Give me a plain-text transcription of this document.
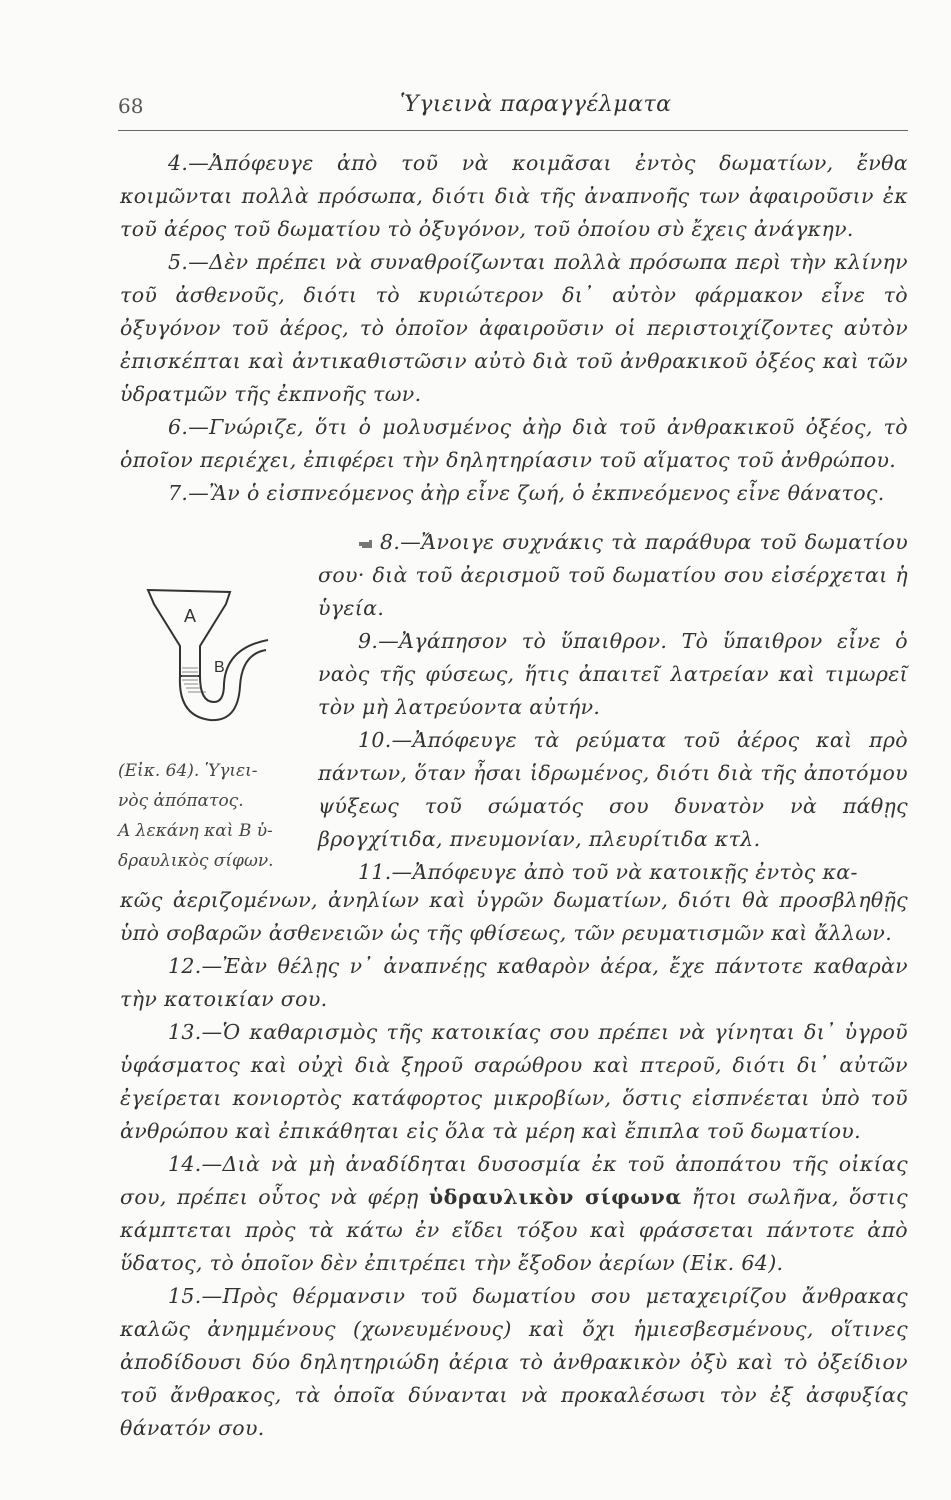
68	Ὑγιεινὰ παραγγέλματα

4.—Ἀπόφευγε ἀπὸ τοῦ νὰ κοιμᾶσαι ἐντὸς δωματίων, ἔνθα κοιμῶνται πολλὰ πρόσωπα, διότι διὰ τῆς ἀναπνοῆς των ἀφαιροῦσιν ἐκ τοῦ ἀέρος τοῦ δωματίου τὸ ὀξυγόνον, τοῦ ὁποίου σὺ ἔχεις ἀνάγκην.

5.—Δὲν πρέπει νὰ συναθροίζωνται πολλὰ πρόσωπα περὶ τὴν κλίνην τοῦ ἀσθενοῦς, διότι τὸ κυριώτερον δι᾽ αὐτὸν φάρμακον εἶνε τὸ ὀξυγόνον τοῦ ἀέρος, τὸ ὁποῖον ἀφαιροῦσιν οἱ περιστοιχίζοντες αὐτὸν ἐπισκέπται καὶ ἀντικαθιστῶσιν αὐτὸ διὰ τοῦ ἀνθρακικοῦ ὀξέος καὶ τῶν ὑδρατμῶν τῆς ἐκπνοῆς των.

6.—Γνώριζε, ὅτι ὁ μολυσμένος ἀὴρ διὰ τοῦ ἀνθρακικοῦ ὀξέος, τὸ ὁποῖον περιέχει, ἐπιφέρει τὴν δηλητηρίασιν τοῦ αἵματος τοῦ ἀνθρώπου.

7.—Ἂν ὁ εἰσπνεόμενος ἀὴρ εἶνε ζωή, ὁ ἐκπνεόμενος εἶνε θάνατος.

A
B
(Εἰκ. 64). Ὑγιει-
νὸς ἀπόπατος.
Α λεκάνη καὶ Β ὑ-
δραυλικὸς σίφων.

8.—Ἄνοιγε συχνάκις τὰ παράθυρα τοῦ δωματίου σου· διὰ τοῦ ἀερισμοῦ τοῦ δωματίου σου εἰσέρχεται ἡ ὑγεία.

9.—Ἀγάπησον τὸ ὕπαιθρον. Τὸ ὕπαιθρον εἶνε ὁ ναὸς τῆς φύσεως, ἥτις ἀπαιτεῖ λατρείαν καὶ τιμωρεῖ τὸν μὴ λατρεύοντα αὐτήν.

10.—Ἀπόφευγε τὰ ρεύματα τοῦ ἀέρος καὶ πρὸ πάντων, ὅταν ἦσαι ἱδρωμένος, διότι διὰ τῆς ἀποτόμου ψύξεως τοῦ σώματός σου δυνατὸν νὰ πάθῃς βρογχίτιδα, πνευμονίαν, πλευρίτιδα κτλ.

11.—Ἀπόφευγε ἀπὸ τοῦ νὰ κατοικῇς ἐντὸς κα-

κῶς ἀεριζομένων, ἀνηλίων καὶ ὑγρῶν δωματίων, διότι θὰ προσβληθῇς ὑπὸ σοβαρῶν ἀσθενειῶν ὡς τῆς φθίσεως, τῶν ρευματισμῶν καὶ ἄλλων.

12.—Ἐὰν θέλῃς ν᾽ ἀναπνέῃς καθαρὸν ἀέρα, ἔχε πάντοτε καθαρὰν τὴν κατοικίαν σου.

13.—Ὁ καθαρισμὸς τῆς κατοικίας σου πρέπει νὰ γίνηται δι᾽ ὑγροῦ ὑφάσματος καὶ οὐχὶ διὰ ξηροῦ σαρώθρου καὶ πτεροῦ, διότι δι᾽ αὐτῶν ἐγείρεται κονιορτὸς κατάφορτος μικροβίων, ὅστις εἰσπνέεται ὑπὸ τοῦ ἀνθρώπου καὶ ἐπικάθηται εἰς ὅλα τὰ μέρη καὶ ἔπιπλα τοῦ δωματίου.

14.—Διὰ νὰ μὴ ἀναδίδηται δυσοσμία ἐκ τοῦ ἀποπάτου τῆς οἰκίας σου, πρέπει οὗτος νὰ φέρῃ ὑδραυλικὸν σίφωνα ἤτοι σωλῆνα, ὅστις κάμπτεται πρὸς τὰ κάτω ἐν εἴδει τόξου καὶ φράσσεται πάντοτε ἀπὸ ὕδατος, τὸ ὁποῖον δὲν ἐπιτρέπει τὴν ἔξοδον ἀερίων (Εἰκ. 64).

15.—Πρὸς θέρμανσιν τοῦ δωματίου σου μεταχειρίζου ἄνθρακας καλῶς ἀνημμένους (χωνευμένους) καὶ ὄχι ἡμιεσβεσμένους, οἵτινες ἀποδίδουσι δύο δηλητηριώδη ἀέρια τὸ ἀνθρακικὸν ὀξὺ καὶ τὸ ὀξείδιον τοῦ ἄνθρακος, τὰ ὁποῖα δύνανται νὰ προκαλέσωσι τὸν ἐξ ἀσφυξίας θάνατόν σου.
